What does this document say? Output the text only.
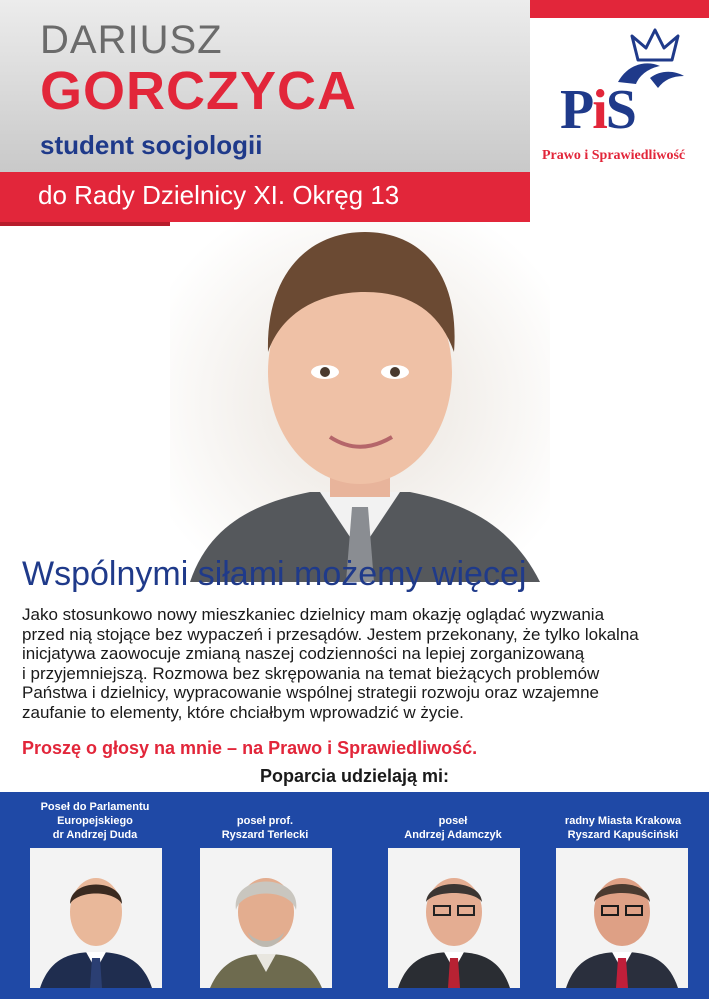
DARIUSZ
GORCZYCA
student socjologii
do Rady Dzielnicy XI. Okręg 13
PiS
Prawo i Sprawiedliwość
Wspólnymi siłami możemy więcej
Jako stosunkowo nowy mieszkaniec dzielnicy mam okazję oglądać wyzwania
przed nią stojące bez wypaczeń i przesądów. Jestem przekonany, że tylko lokalna
inicjatywa zaowocuje zmianą naszej codzienności na lepiej zorganizowaną
i przyjemniejszą. Rozmowa bez skrępowania na temat bieżących problemów
Państwa i dzielnicy, wypracowanie wspólnej strategii rozwoju oraz wzajemne
zaufanie to elementy, które chciałbym wprowadzić w życie.
Proszę o głosy na mnie – na Prawo i Sprawiedliwość.
Poparcia udzielają mi:
Poseł do Parlamentu
Europejskiego
dr Andrzej Duda
poseł prof.
Ryszard Terlecki
poseł
Andrzej Adamczyk
radny Miasta Krakowa
Ryszard Kapuściński
